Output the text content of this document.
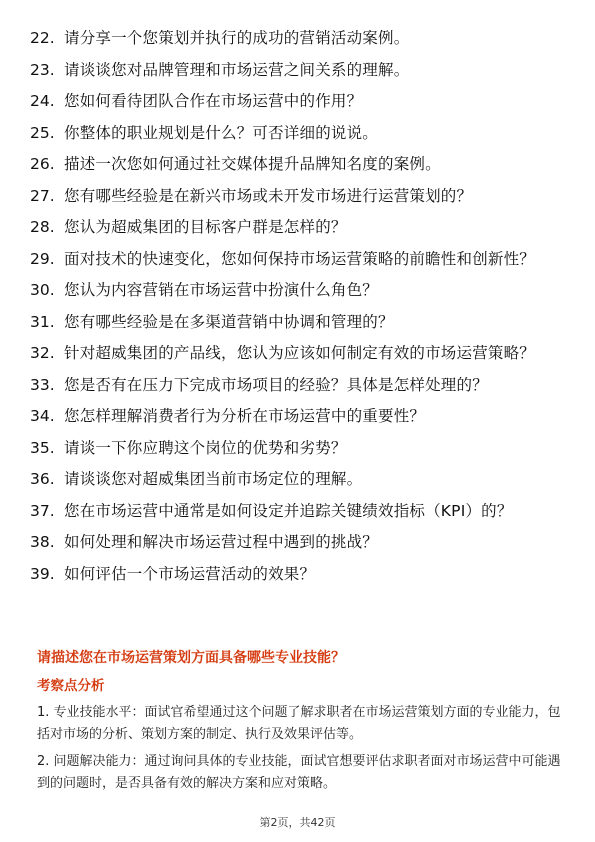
22. 请分享一个您策划并执行的成功的营销活动案例。
23. 请谈谈您对品牌管理和市场运营之间关系的理解。
24. 您如何看待团队合作在市场运营中的作用？
25. 你整体的职业规划是什么？可否详细的说说。
26. 描述一次您如何通过社交媒体提升品牌知名度的案例。
27. 您有哪些经验是在新兴市场或未开发市场进行运营策划的？
28. 您认为超威集团的目标客户群是怎样的？
29. 面对技术的快速变化，您如何保持市场运营策略的前瞻性和创新性？
30. 您认为内容营销在市场运营中扮演什么角色？
31. 您有哪些经验是在多渠道营销中协调和管理的？
32. 针对超威集团的产品线，您认为应该如何制定有效的市场运营策略？
33. 您是否有在压力下完成市场项目的经验？具体是怎样处理的？
34. 您怎样理解消费者行为分析在市场运营中的重要性？
35. 请谈一下你应聘这个岗位的优势和劣势？
36. 请谈谈您对超威集团当前市场定位的理解。
37. 您在市场运营中通常是如何设定并追踪关键绩效指标（KPI）的？
38. 如何处理和解决市场运营过程中遇到的挑战？
39. 如何评估一个市场运营活动的效果？
请描述您在市场运营策划方面具备哪些专业技能？
考察点分析

1. 专业技能水平：面试官希望通过这个问题了解求职者在市场运营策划方面的专业能力，包括对市场的分析、策划方案的制定、执行及效果评估等。

2. 问题解决能力：通过询问具体的专业技能，面试官想要评估求职者面对市场运营中可能遇到的问题时，是否具备有效的解决方案和应对策略。

第2页，共42页
